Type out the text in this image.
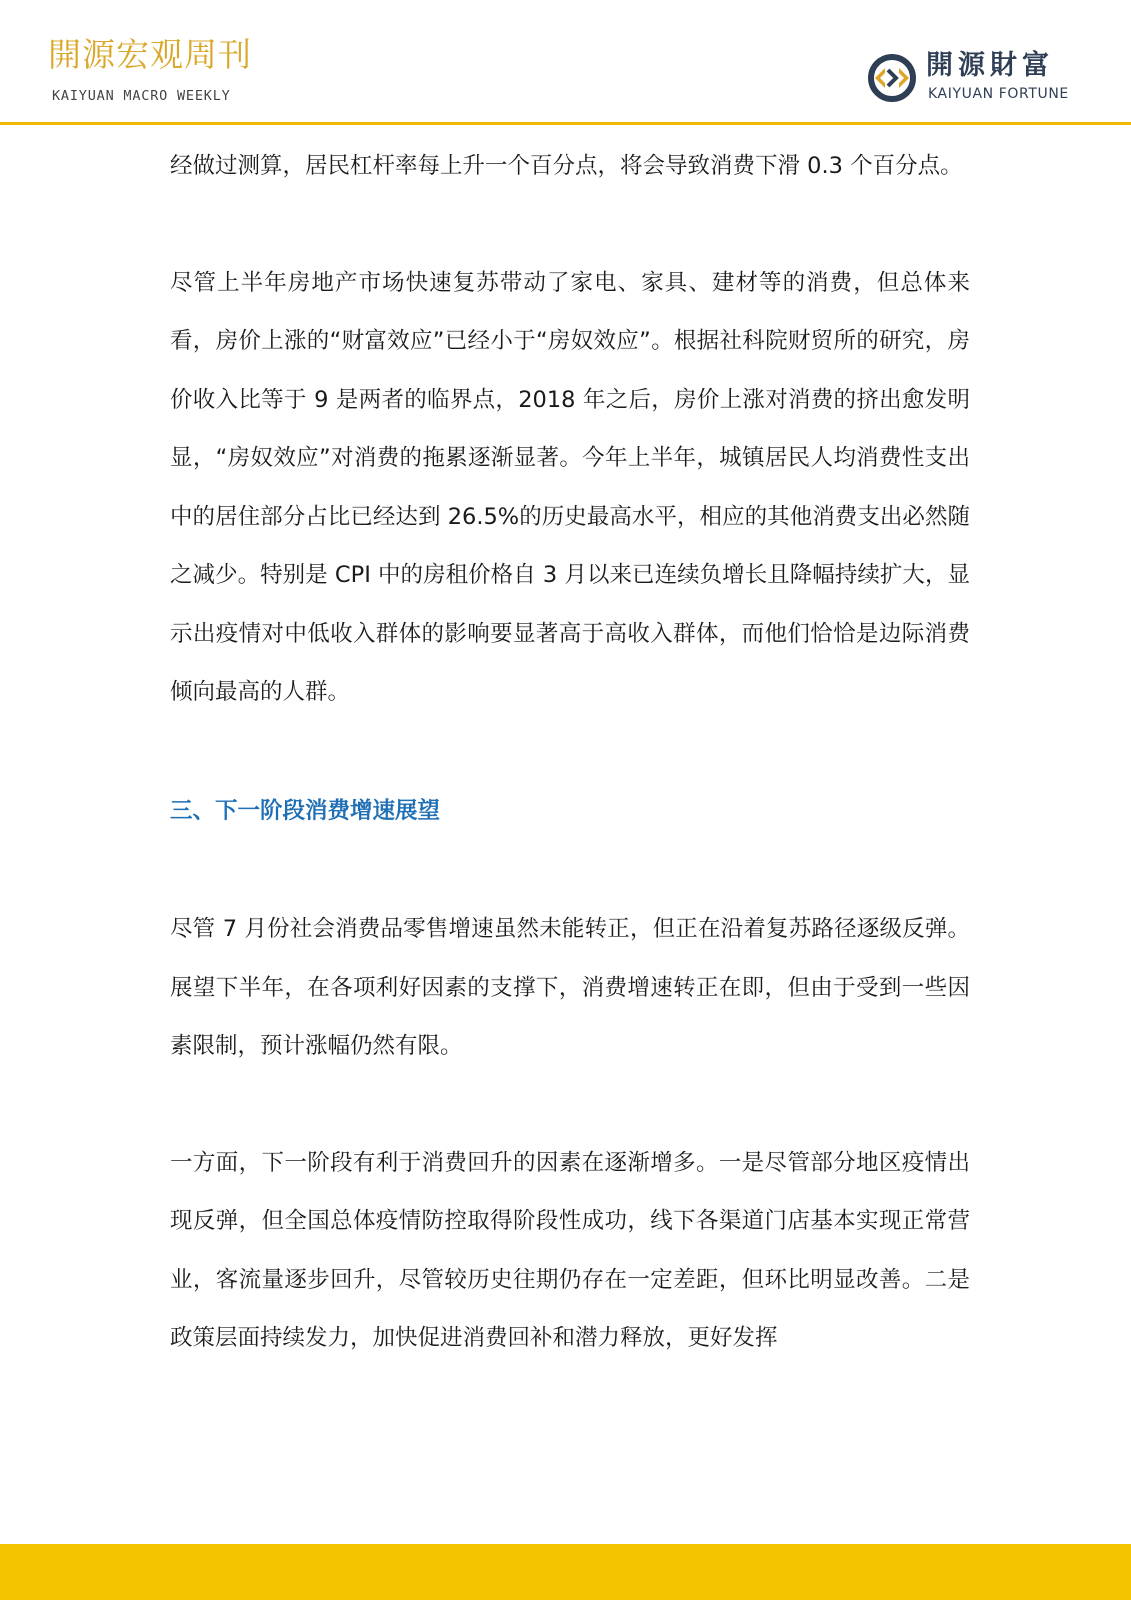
開源宏观周刊
KAIYUAN MACRO WEEKLY
開源財富
KAIYUAN FORTUNE

经做过测算，居民杠杆率每上升一个百分点，将会导致消费下滑 0.3 个百分点。

尽管上半年房地产市场快速复苏带动了家电、家具、建材等的消费，但总体来看，房价上涨的“财富效应”已经小于“房奴效应”。根据社科院财贸所的研究，房价收入比等于 9 是两者的临界点，2018 年之后，房价上涨对消费的挤出愈发明显，“房奴效应”对消费的拖累逐渐显著。今年上半年，城镇居民人均消费性支出中的居住部分占比已经达到 26.5%的历史最高水平，相应的其他消费支出必然随之减少。特别是 CPI 中的房租价格自 3 月以来已连续负增长且降幅持续扩大，显示出疫情对中低收入群体的影响要显著高于高收入群体，而他们恰恰是边际消费倾向最高的人群。

三、下一阶段消费增速展望

尽管 7 月份社会消费品零售增速虽然未能转正，但正在沿着复苏路径逐级反弹。展望下半年，在各项利好因素的支撑下，消费增速转正在即，但由于受到一些因素限制，预计涨幅仍然有限。

一方面，下一阶段有利于消费回升的因素在逐渐增多。一是尽管部分地区疫情出现反弹，但全国总体疫情防控取得阶段性成功，线下各渠道门店基本实现正常营业，客流量逐步回升，尽管较历史往期仍存在一定差距，但环比明显改善。二是政策层面持续发力，加快促进消费回补和潜力释放，更好发挥
